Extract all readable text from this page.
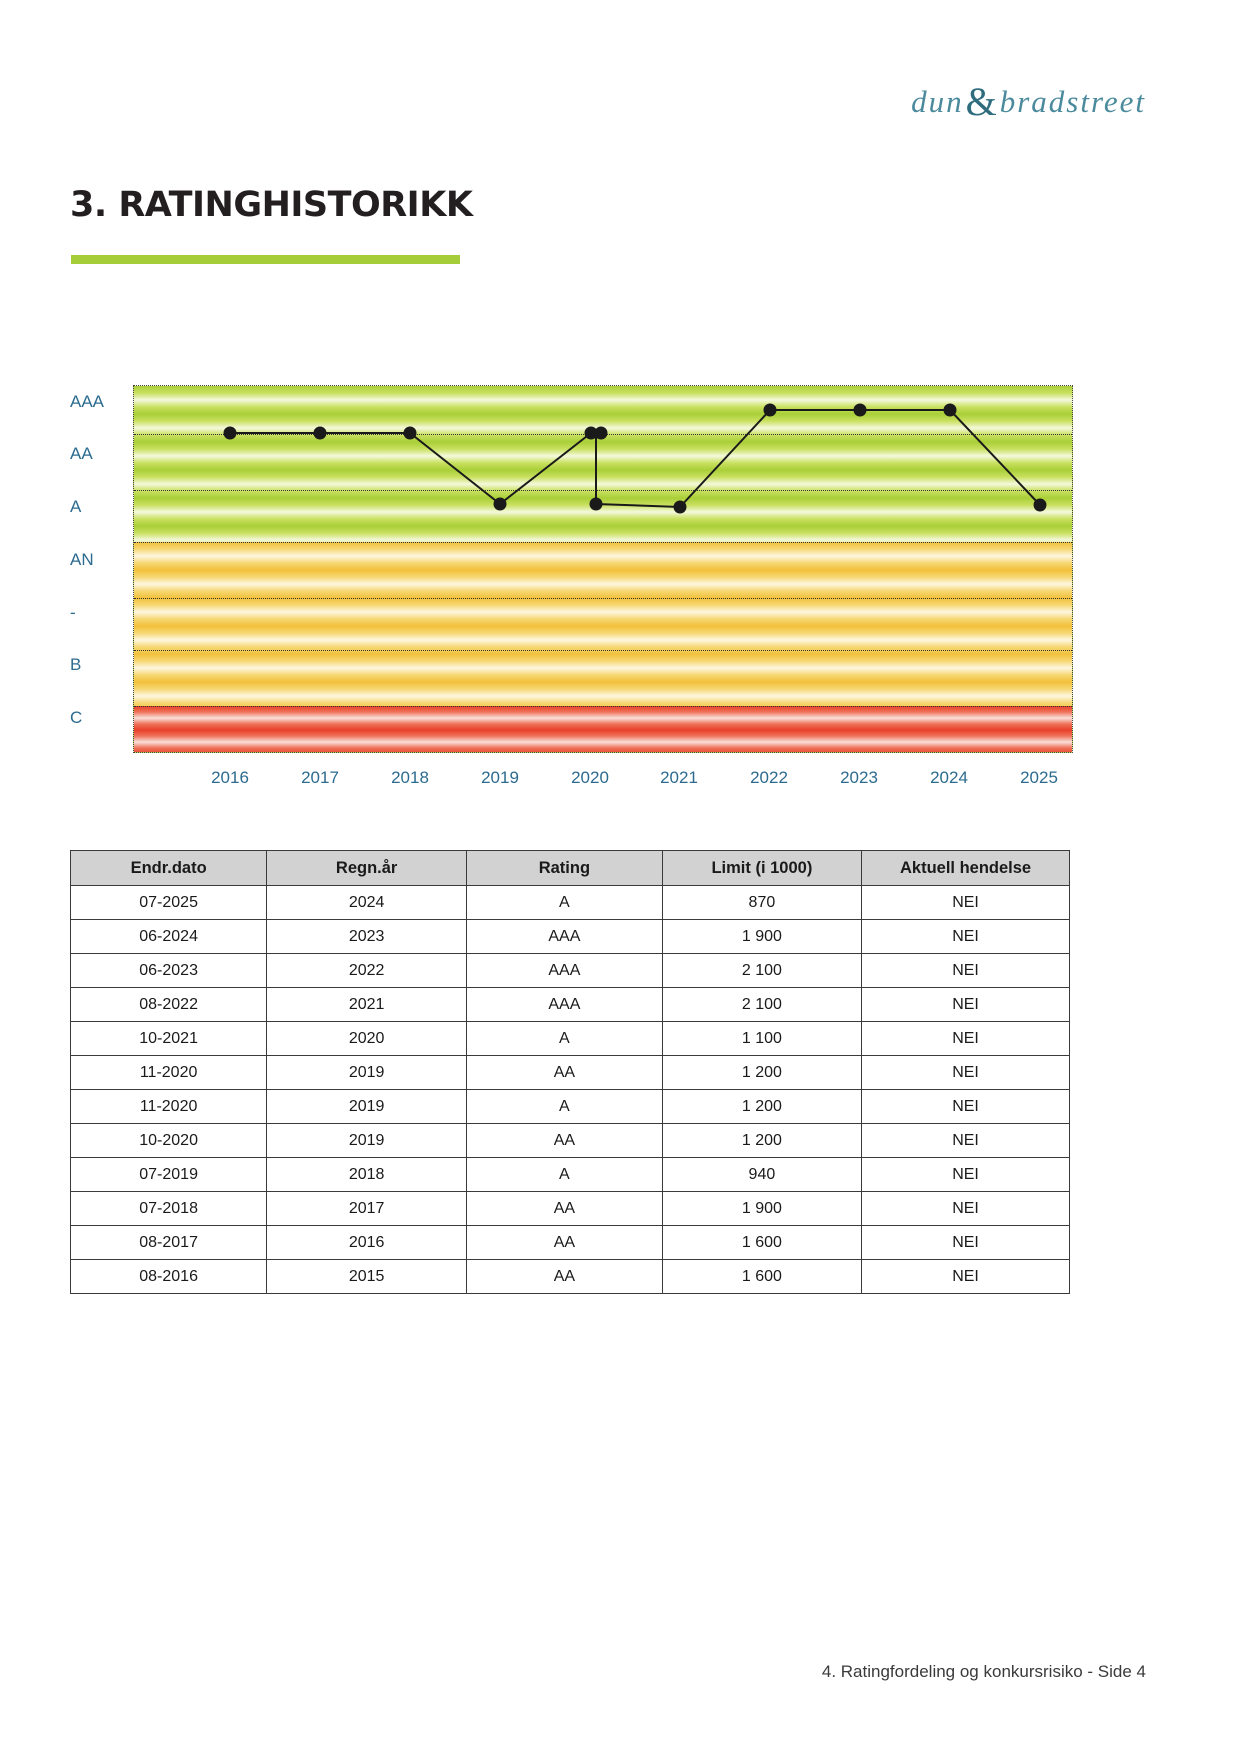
dun & bradstreet
3. RATINGHISTORIKK
AAA
AA
A
AN
-
B
C
2016	2017	2018	2019	2020	2021	2022	2023	2024	2025
Endr.dato	Regn.år	Rating	Limit (i 1000)	Aktuell hendelse
07-2025	2024	A	870	NEI
06-2024	2023	AAA	1 900	NEI
06-2023	2022	AAA	2 100	NEI
08-2022	2021	AAA	2 100	NEI
10-2021	2020	A	1 100	NEI
11-2020	2019	AA	1 200	NEI
11-2020	2019	A	1 200	NEI
10-2020	2019	AA	1 200	NEI
07-2019	2018	A	940	NEI
07-2018	2017	AA	1 900	NEI
08-2017	2016	AA	1 600	NEI
08-2016	2015	AA	1 600	NEI
4. Ratingfordeling og konkursrisiko - Side 4
